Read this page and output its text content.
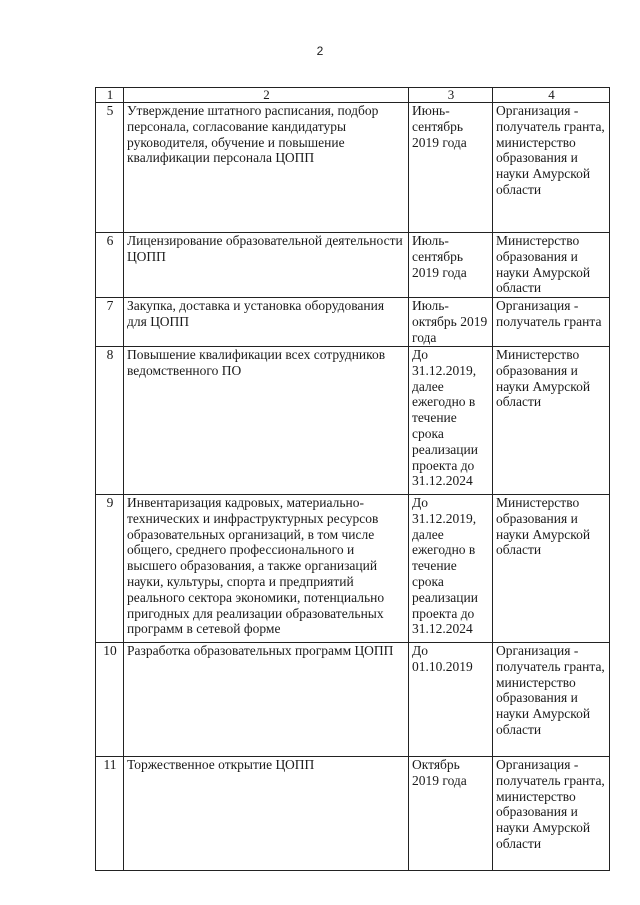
2
1	2	3	4
5	Утверждение штатного расписания, подбор персонала, согласование кандидатуры руководителя, обучение и повышение квалификации персонала ЦОПП	Июнь-сентябрь 2019 года	Организация - получатель гранта, министерство образования и науки Амурской области
6	Лицензирование образовательной деятельности ЦОПП	Июль-сентябрь 2019 года	Министерство образования и науки Амурской области
7	Закупка, доставка и установка оборудования для ЦОПП	Июль-октябрь 2019 года	Организация - получатель гранта
8	Повышение квалификации всех сотрудников ведомственного ПО	До 31.12.2019, далее ежегодно в течение срока реализации проекта до 31.12.2024	Министерство образования и науки Амурской области
9	Инвентаризация кадровых, материально-технических и инфраструктурных ресурсов образовательных организаций, в том числе общего, среднего профессионального и высшего образования, а также организаций науки, культуры, спорта и предприятий реального сектора экономики, потенциально пригодных для реализации образовательных программ в сетевой форме	До 31.12.2019, далее ежегодно в течение срока реализации проекта до 31.12.2024	Министерство образования и науки Амурской области
10	Разработка образовательных программ ЦОПП	До 01.10.2019	Организация - получатель гранта, министерство образования и науки Амурской области
11	Торжественное открытие ЦОПП	Октябрь 2019 года	Организация - получатель гранта, министерство образования и науки Амурской области
